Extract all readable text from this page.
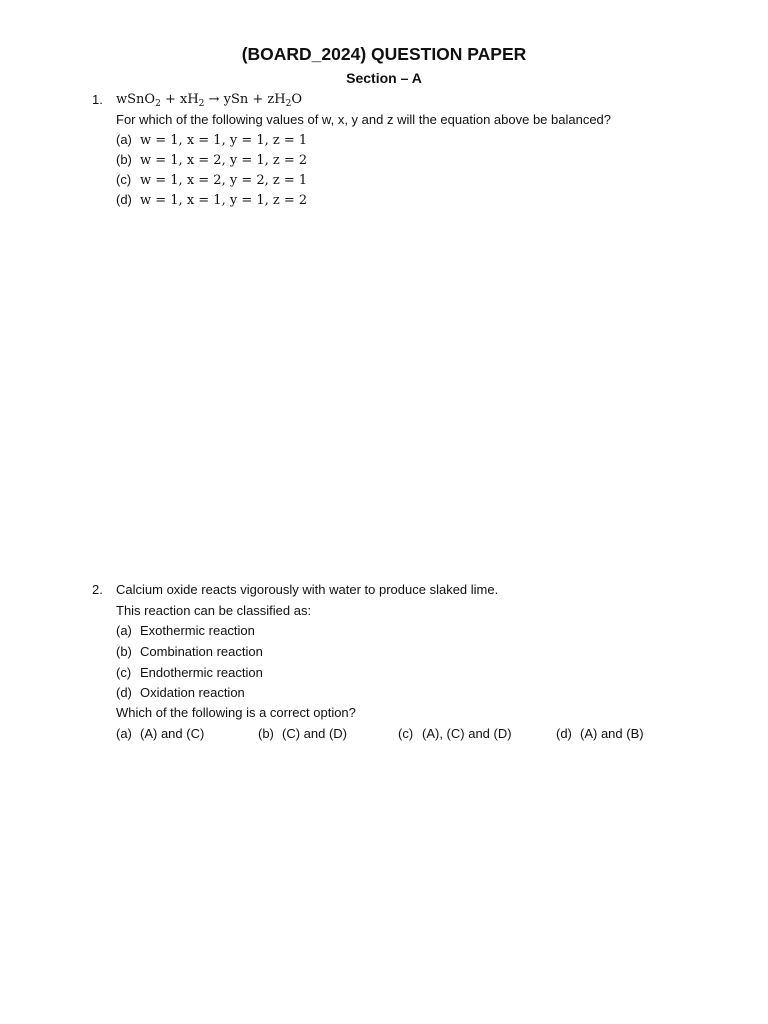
(BOARD_2024) QUESTION PAPER
Section – A
1. wSnO$_2$ + $xH_2$ → ySn + $zH_2O$
For which of the following values of w, x, y and z will the equation above be balanced?
(a) w = 1, x = 1, y = 1, z = 1
(b) w = 1, x = 2, y = 1, z = 2
(c) w = 1, x = 2, y = 2, z = 1
(d) w = 1, x = 1, y = 1, z = 2
2. Calcium oxide reacts vigorously with water to produce slaked lime.
This reaction can be classified as:
(a) Exothermic reaction
(b) Combination reaction
(c) Endothermic reaction
(d) Oxidation reaction
Which of the following is a correct option?
(a) (A) and (C)	(b) (C) and (D)	(c) (A), (C) and (D)	(d) (A) and (B)
